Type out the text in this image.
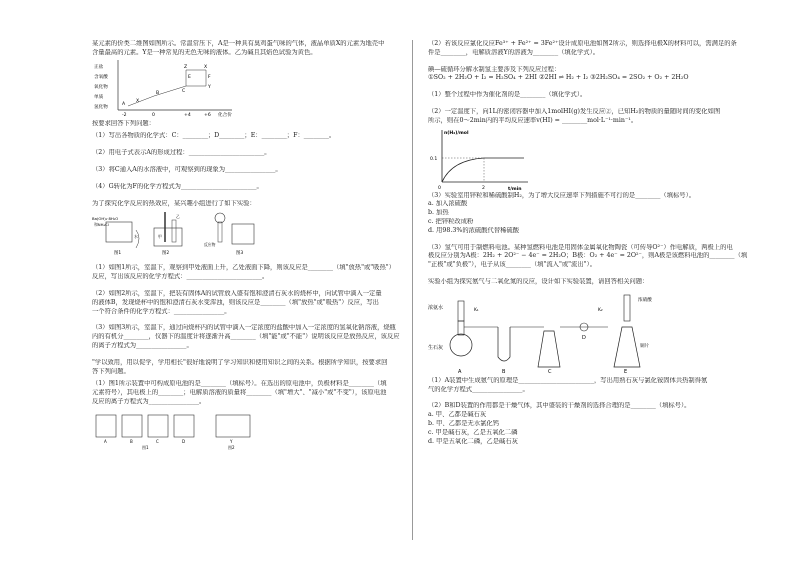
某元素的价类二维图如图所示。常温常压下，A是一种具有臭鸡蛋气味的气体，液晶单质X的元素为地壳中
含量最高的元素。Y是一种常见的无色无味的液体。乙为碱且其焰色试验为黄色。
正盐
含氧酸
氧化物
单质
氢化物
-2	0	+4	+6 化合价
Z	X
E	F
Y
C
B
A
X
按要求回答下列问题：
（1）写出各物质的化学式：C：________；D________；E：________；F：________。
（2）用电子式表示A的形成过程：________________________。
（3）将C通入A的水溶液中，可观察到的现象为________________。
（4）G转化为F的化学方程式为________________________。
为了探究化学反应的热效应，某兴趣小组进行了如下实验：
Ba(OH)₂·8H₂O
和NH₄Cl
水
图1
甲
乙
图2
反应物
图3
（1）如图1所示，室温下，观察到甲处液面上升，乙处液面下降，则该反应是________（填"放热"或"吸热"）
反应，写出该反应的化学方程式：________________________。
（2）如图2所示，室温下，把装有固体A的试管放入盛有饱和澄清石灰水的烧杯中，向试管中滴入一定量
的液体B，发现烧杯中的饱和澄清石灰水变浑浊，则该反应是________（填"放热"或"吸热"）反应，写出
一个符合条件的化学方程式：________________。
（3）如图3所示，室温下，通过向烧杯内的试管中滴入一定浓度的盐酸中加入一定浓度的氢氧化钠溶液，烧瓶
内的有机分________，仪器下的温度计将逐渐升高________（填"能"或"不能"）说明该反应是放热反应，该反应
的离子方程式为________________。
"学以致用，用以促学，学用相长"很好地说明了学习知识和使用知识之间的关系。根据所学知识，按要求回
答下列问题。
（1）图1所示装置中可构成原电池的是________（填标号）。在选出的原电池中，负极材料是________（填
元素符号），其电极上的________；电解质溶液的质量将________（填"增大"、"减小"或"不变"），该原电池
反应的离子方程式为________________。
A	B	C	D
图1
Y
图2
（2）若该反应氯化反应Fe³⁺ + Fe²⁺ = 3Fe²⁺设计成原电池如图2所示，则选择电极X的材料可以，需满足的条
件是________，电解质溶液Y的溶液为________（填化学式）。
碘—硫循环分解水制氢主要涉及下列反应过程：
①SO₂ + 2H₂O + I₂ = H₂SO₄ + 2HI ②2HI ⇌ H₂ + I₂ ③2H₂SO₄ = 2SO₂ + O₂ + 2H₂O
（1）整个过程中作为催化剂的是________（填化学式）。
（2）一定温度下，向1L的密闭容器中加入1molHI(g)发生反应②，已知H₂的物质的量随时间的变化如图
所示，则在0～2min内的平均反应速率v(HI) = ________mol·L⁻¹·min⁻¹。
n(H₂)/mol
t/min
0.1
0	2
（3）实验室用锌粒和稀硫酸制H₂，为了增大反应速率下列措施不可行的是________（填标号）。
a. 加入浓硫酸
b. 加热
c. 把锌粒改成粉
d. 用98.3%的浓硫酸代替稀硫酸
（3）氢气可用于制燃料电池。某种氢燃料电池是用固体金属氧化物陶瓷（可传导O²⁻）作电解质，两极上的电
极反应分别为A极：2H₂ + 2O²⁻ − 4e⁻ = 2H₂O；B极：O₂ + 4e⁻ = 2O²⁻，则A极是该燃料电池的________（填
"正极"或"负极"），电子从该________（填"流入"或"流出"）。
实验小组为探究氨气与二氧化氮的反应，设计如下实验装置，请回答相关问题：
浓氨水
生石灰
K₁	K₂
浓硝酸
铜片
A	B	C
D
E
（1）A装置中生成氨气的原理是________________________，写出用熟石灰与氯化铵固体共热制得氨
气的化学方程式________________。
（2）B和D装置的作用都是干燥气体，其中盛装的干燥剂的选择合理的是________（填标号）。
a. 甲、乙都是碱石灰
b. 甲、乙都是无水氯化钙
c. 甲是碱石灰，乙是五氧化二磷
d. 甲是五氧化二磷，乙是碱石灰
